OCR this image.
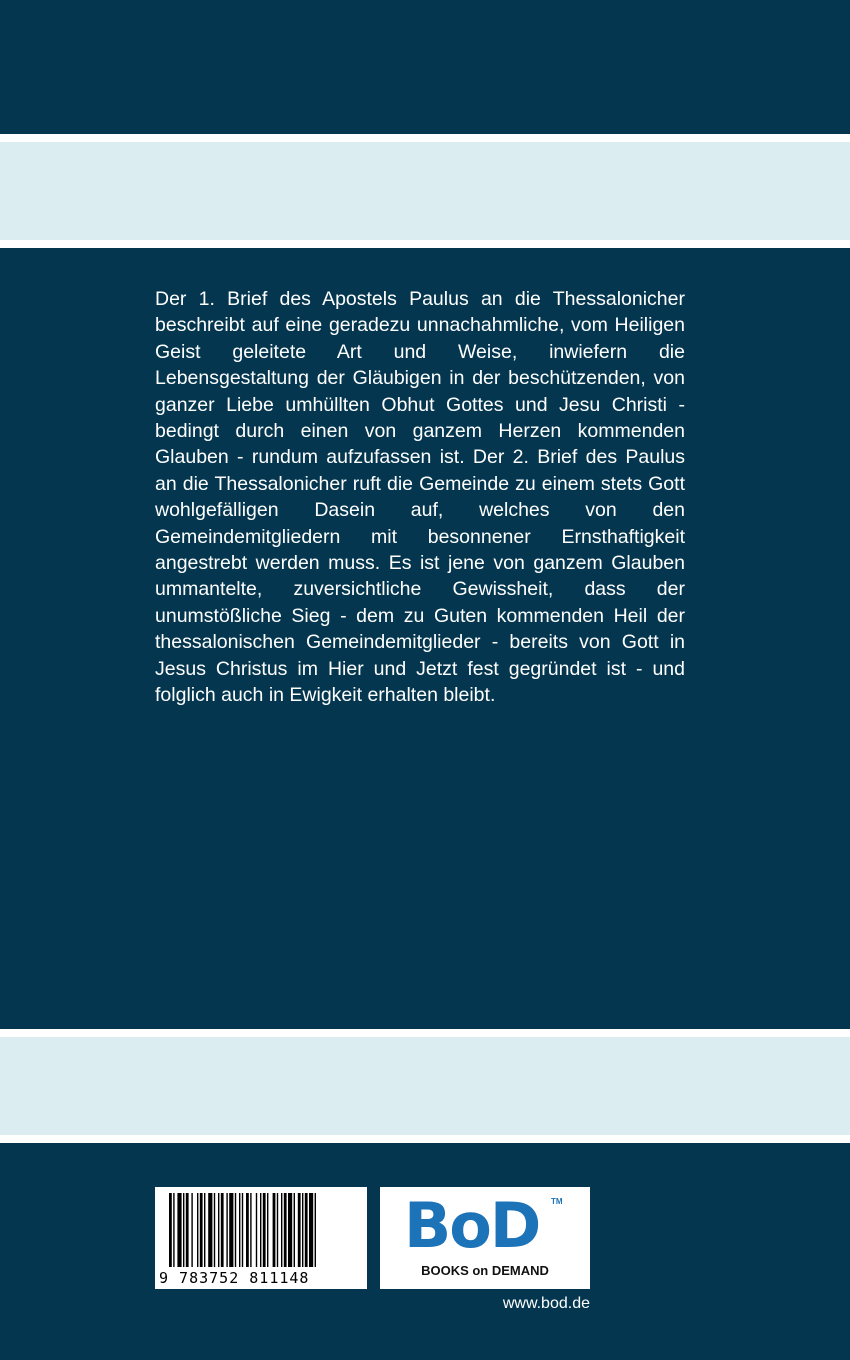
Der 1. Brief des Apostels Paulus an die Thessalonicher beschreibt auf eine geradezu unnachahmliche, vom Heiligen Geist geleitete Art und Weise, inwiefern die Lebensgestaltung der Gläubigen in der beschützenden, von ganzer Liebe umhüllten Obhut Gottes und Jesu Christi - bedingt durch einen von ganzem Herzen kommenden Glauben - rundum aufzufassen ist. Der 2. Brief des Paulus an die Thessalonicher ruft die Gemeinde zu einem stets Gott wohlgefälligen Dasein auf, welches von den Gemeindemitgliedern mit besonnener Ernsthaftigkeit angestrebt werden muss. Es ist jene von ganzem Glauben ummantelte, zuversichtliche Gewissheit, dass der unumstößliche Sieg - dem zu Guten kommenden Heil der thessalonischen Gemeindemitglieder - bereits von Gott in Jesus Christus im Hier und Jetzt fest gegründet ist - und folglich auch in Ewigkeit erhalten bleibt.

9 783752 811148
BoD TM
BOOKS on DEMAND
www.bod.de
